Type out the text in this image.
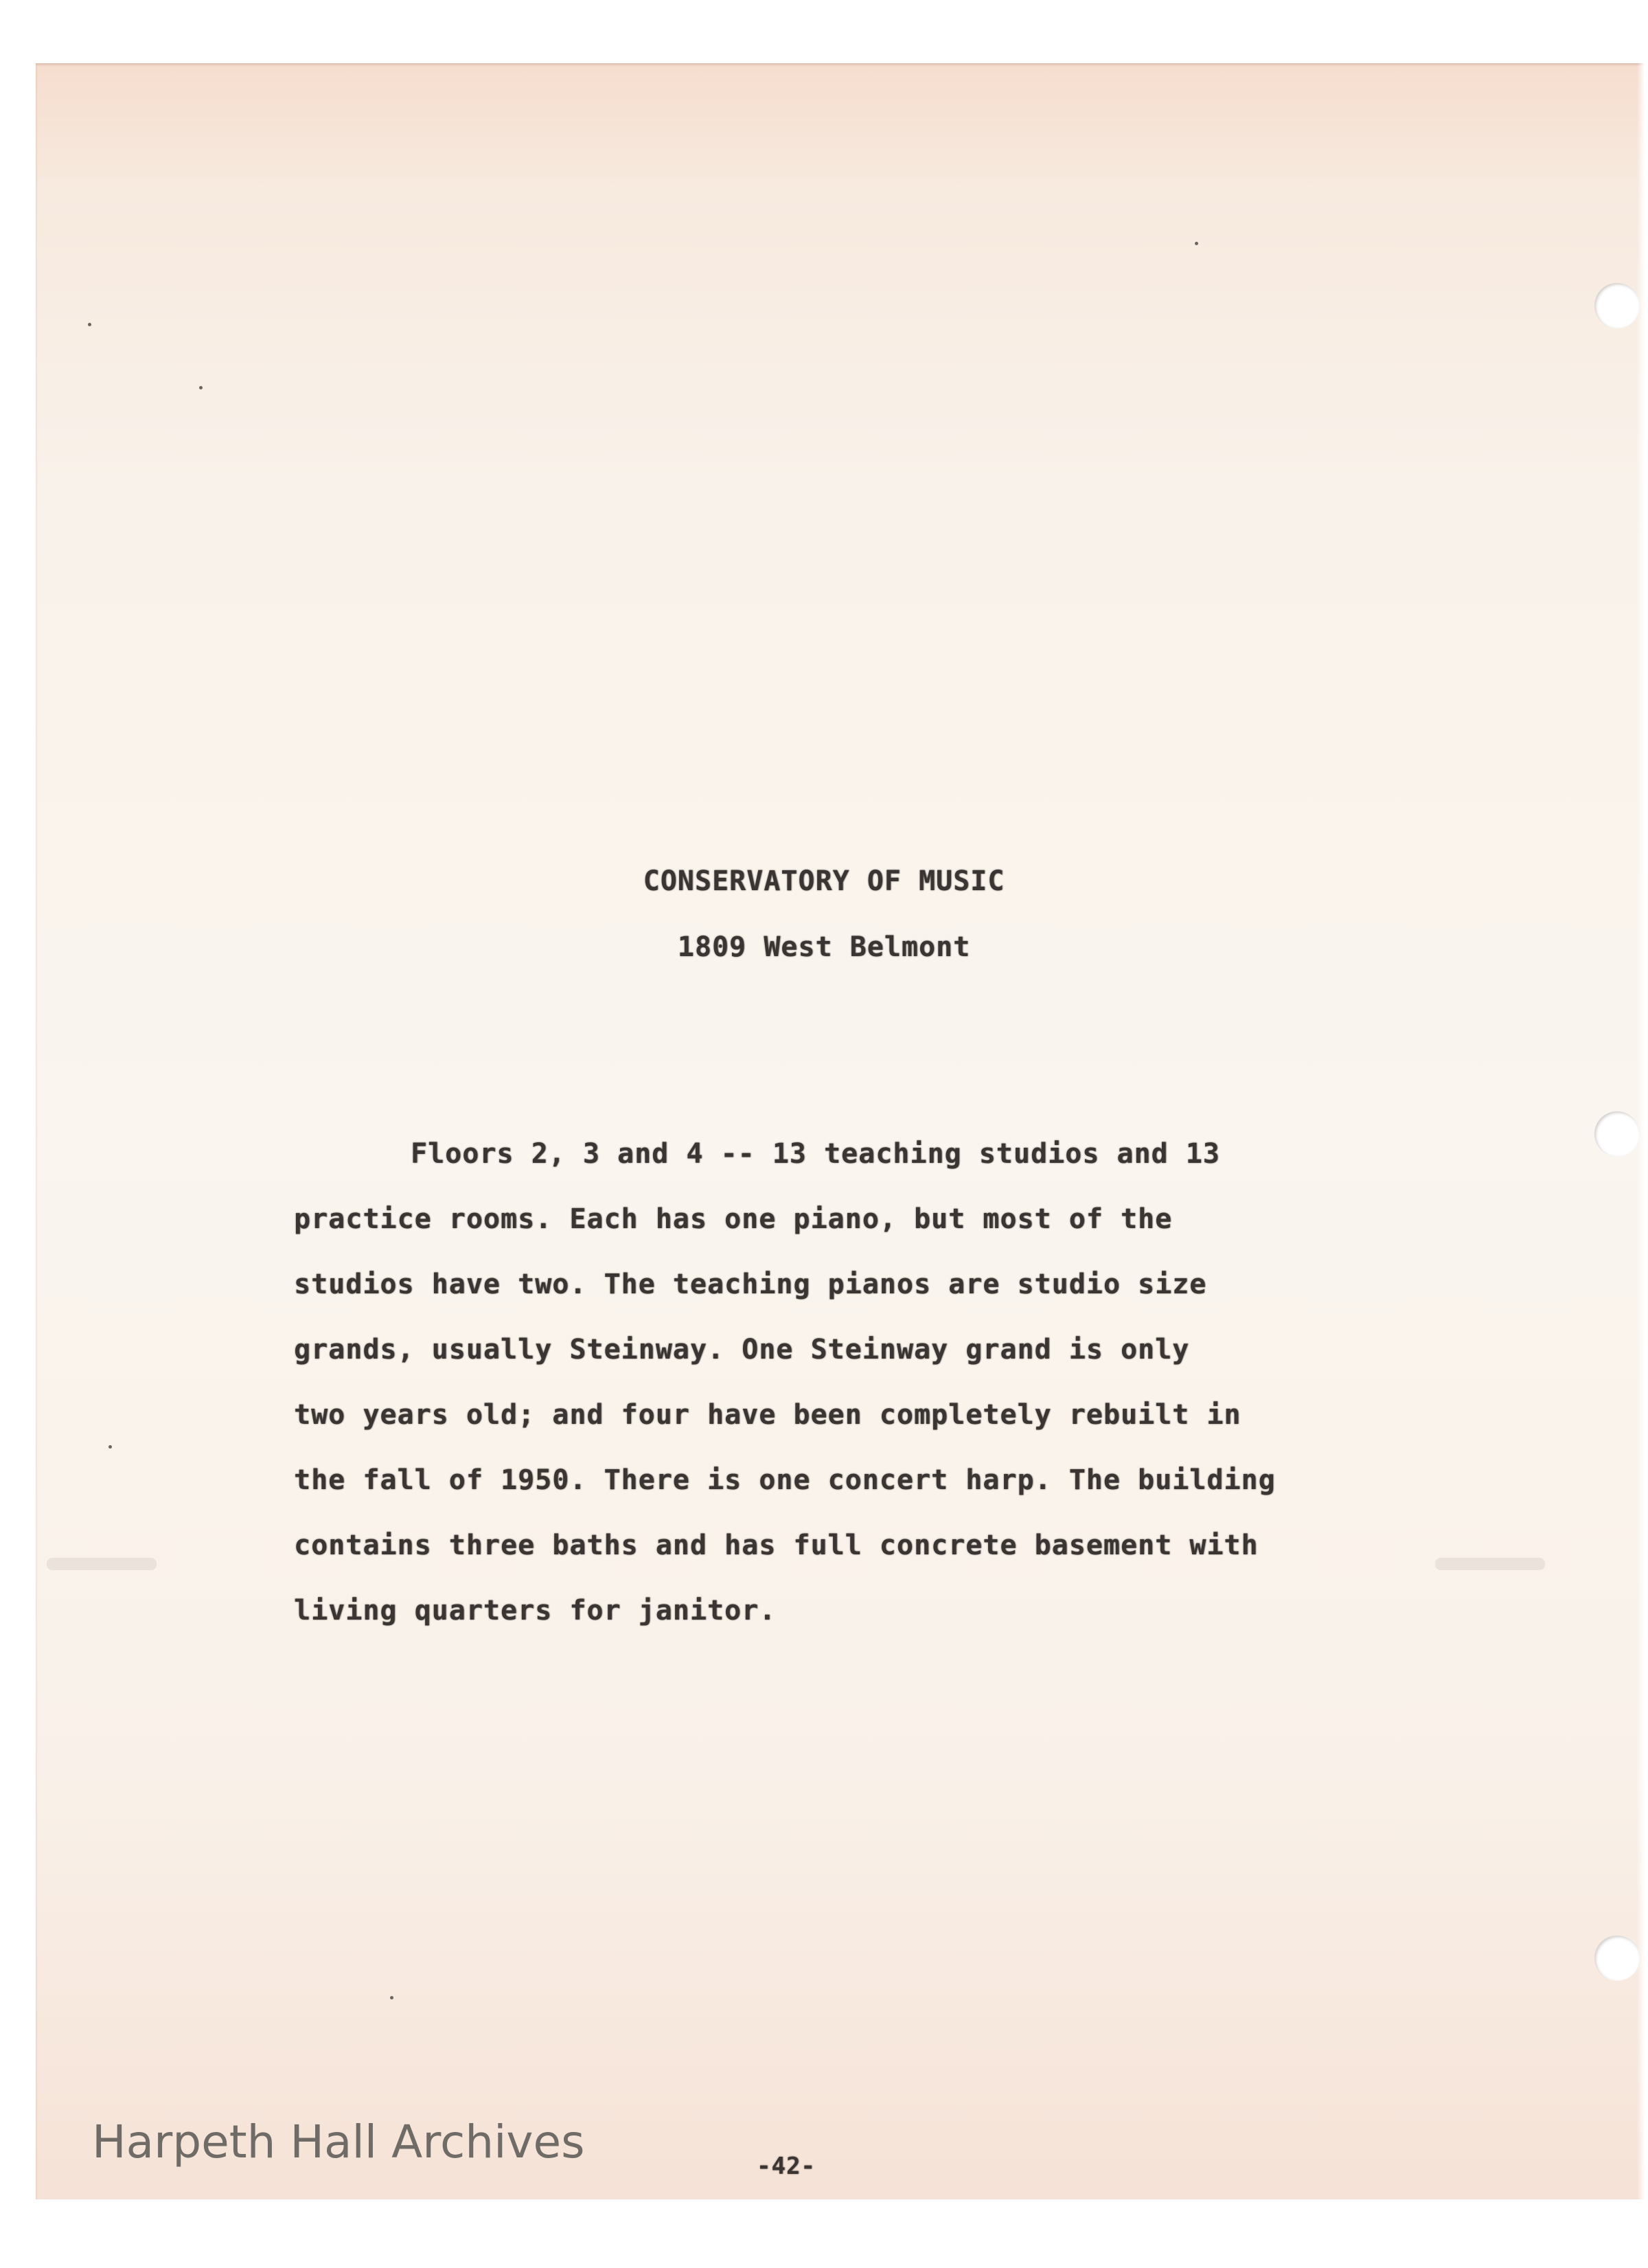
CONSERVATORY OF MUSIC

1809 West Belmont

Floors 2, 3 and 4 -- 13 teaching studios and 13
practice rooms. Each has one piano, but most of the
studios have two. The teaching pianos are studio size
grands, usually Steinway. One Steinway grand is only
two years old; and four have been completely rebuilt in
the fall of 1950. There is one concert harp. The building
contains three baths and has full concrete basement with
living quarters for janitor.
-42-
Harpeth Hall Archives
